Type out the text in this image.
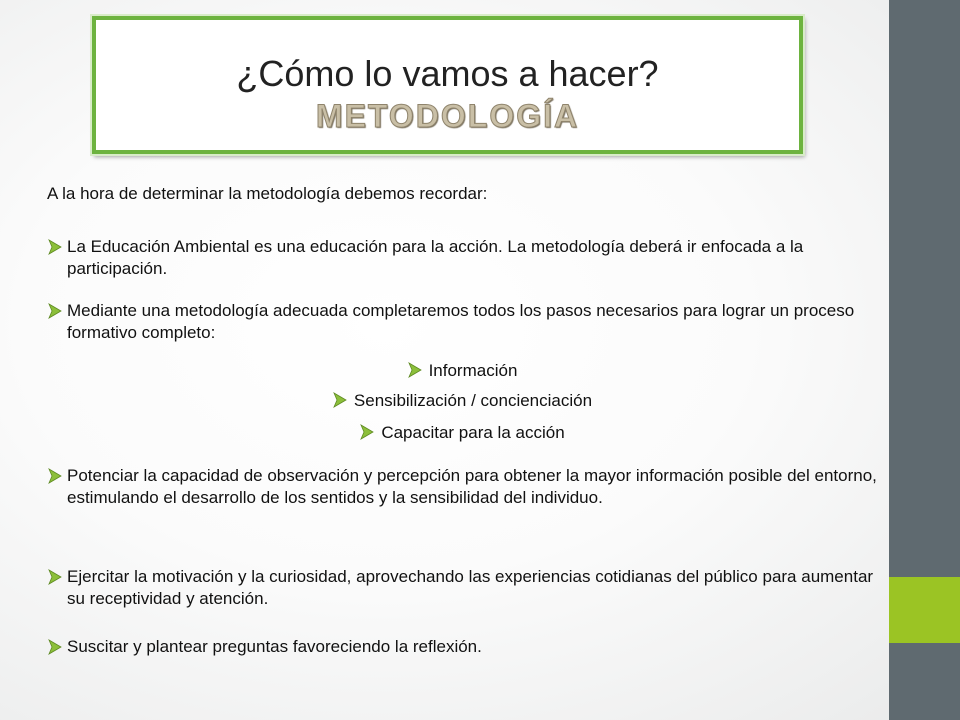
¿Cómo lo vamos a hacer?
METODOLOGÍA
A la hora de determinar la metodología debemos recordar:
La Educación Ambiental es una educación para la acción. La metodología deberá ir enfocada a la participación.
Mediante una metodología adecuada completaremos todos los pasos necesarios para lograr un proceso formativo completo:
Información
Sensibilización / concienciación
Capacitar para la acción
Potenciar la capacidad de observación y percepción para obtener la mayor información posible del entorno, estimulando el desarrollo de los sentidos y la sensibilidad del individuo.
Ejercitar la motivación y la curiosidad, aprovechando las experiencias cotidianas del público para aumentar su receptividad y atención.
Suscitar y plantear preguntas favoreciendo la reflexión.
